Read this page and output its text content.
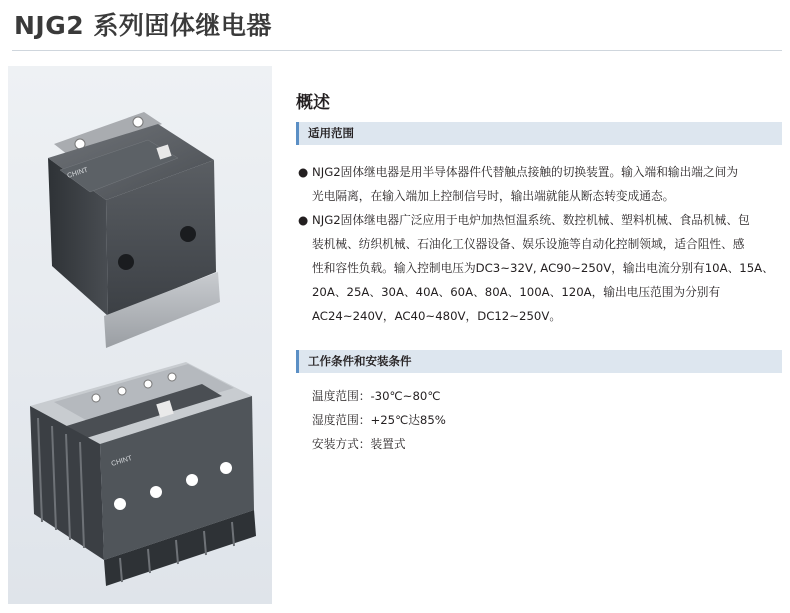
NJG2 系列固体继电器
CHINT
CHINT
概述
适用范围
● NJG2固体继电器是用半导体器件代替触点接触的切换装置。输入端和输出端之间为
光电隔离，在输入端加上控制信号时，输出端就能从断态转变成通态。
● NJG2固体继电器广泛应用于电炉加热恒温系统、数控机械、塑料机械、食品机械、包
装机械、纺织机械、石油化工仪器设备、娱乐设施等自动化控制领域，适合阻性、感
性和容性负载。输入控制电压为DC3~32V, AC90~250V，输出电流分别有10A、15A、
20A、25A、30A、40A、60A、80A、100A、120A，输出电压范围为分别有
AC24~240V，AC40~480V，DC12~250V。
工作条件和安装条件
温度范围：-30℃~80℃
湿度范围：+25℃达85%
安装方式：装置式
